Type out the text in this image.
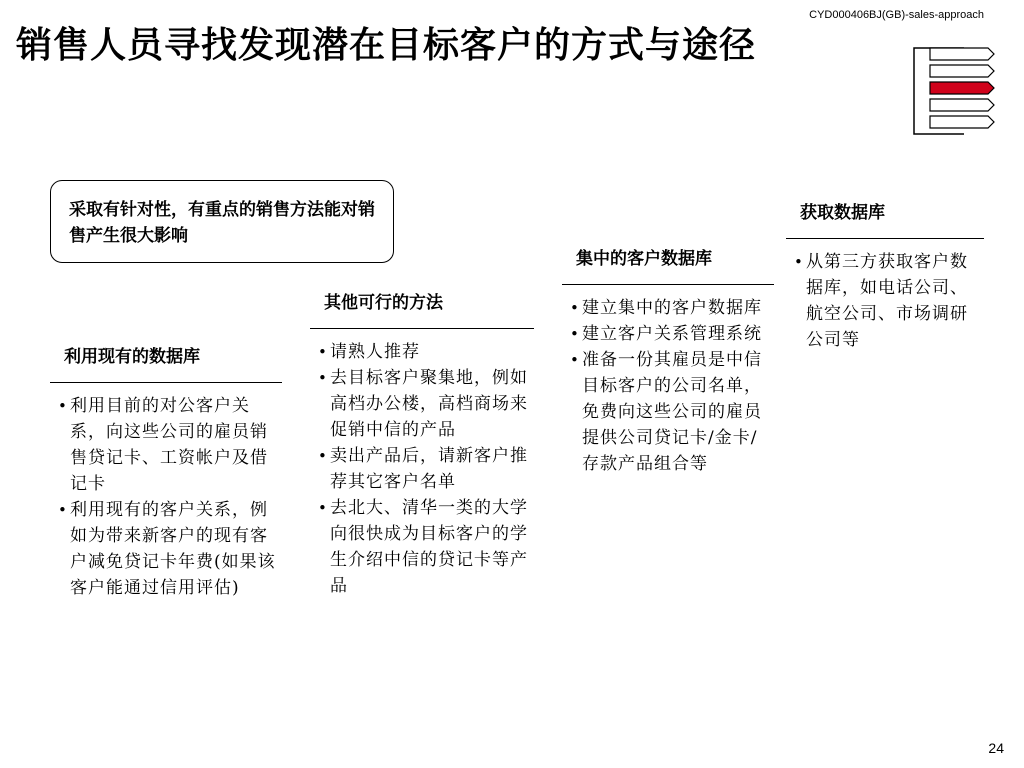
CYD000406BJ(GB)-sales-approach
销售人员寻找发现潜在目标客户的方式与途径
采取有针对性，有重点的销售方法能对销售产生很大影响
利用现有的数据库
• 利用目前的对公客户关系，向这些公司的雇员销售贷记卡、工资帐户及借记卡
• 利用现有的客户关系，例如为带来新客户的现有客户减免贷记卡年费(如果该客户能通过信用评估)
其他可行的方法
• 请熟人推荐
• 去目标客户聚集地，例如高档办公楼，高档商场来促销中信的产品
• 卖出产品后，请新客户推荐其它客户名单
• 去北大、清华一类的大学向很快成为目标客户的学生介绍中信的贷记卡等产品
集中的客户数据库
• 建立集中的客户数据库
• 建立客户关系管理系统
• 准备一份其雇员是中信目标客户的公司名单，免费向这些公司的雇员提供公司贷记卡/金卡/存款产品组合等
获取数据库
• 从第三方获取客户数据库，如电话公司、航空公司、市场调研公司等
24
